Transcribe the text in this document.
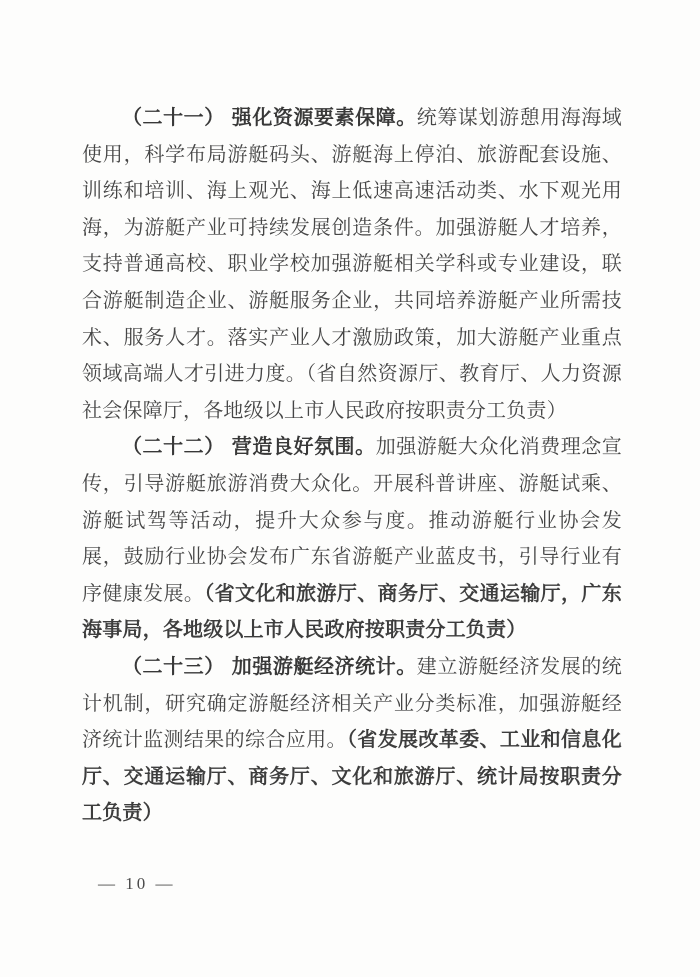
（二十一） 强化资源要素保障。统筹谋划游憩用海海域使用，科学布局游艇码头、游艇海上停泊、旅游配套设施、训练和培训、海上观光、海上低速高速活动类、水下观光用海，为游艇产业可持续发展创造条件。加强游艇人才培养，支持普通高校、职业学校加强游艇相关学科或专业建设，联合游艇制造企业、游艇服务企业，共同培养游艇产业所需技术、服务人才。落实产业人才激励政策，加大游艇产业重点领域高端人才引进力度。（省自然资源厅、教育厅、人力资源社会保障厅，各地级以上市人民政府按职责分工负责）

（二十二） 营造良好氛围。加强游艇大众化消费理念宣传，引导游艇旅游消费大众化。开展科普讲座、游艇试乘、游艇试驾等活动，提升大众参与度。推动游艇行业协会发展，鼓励行业协会发布广东省游艇产业蓝皮书，引导行业有序健康发展。（省文化和旅游厅、商务厅、交通运输厅，广东海事局，各地级以上市人民政府按职责分工负责）

（二十三） 加强游艇经济统计。建立游艇经济发展的统计机制，研究确定游艇经济相关产业分类标准，加强游艇经济统计监测结果的综合应用。（省发展改革委、工业和信息化厅、交通运输厅、商务厅、文化和旅游厅、统计局按职责分工负责）

— 10 —
